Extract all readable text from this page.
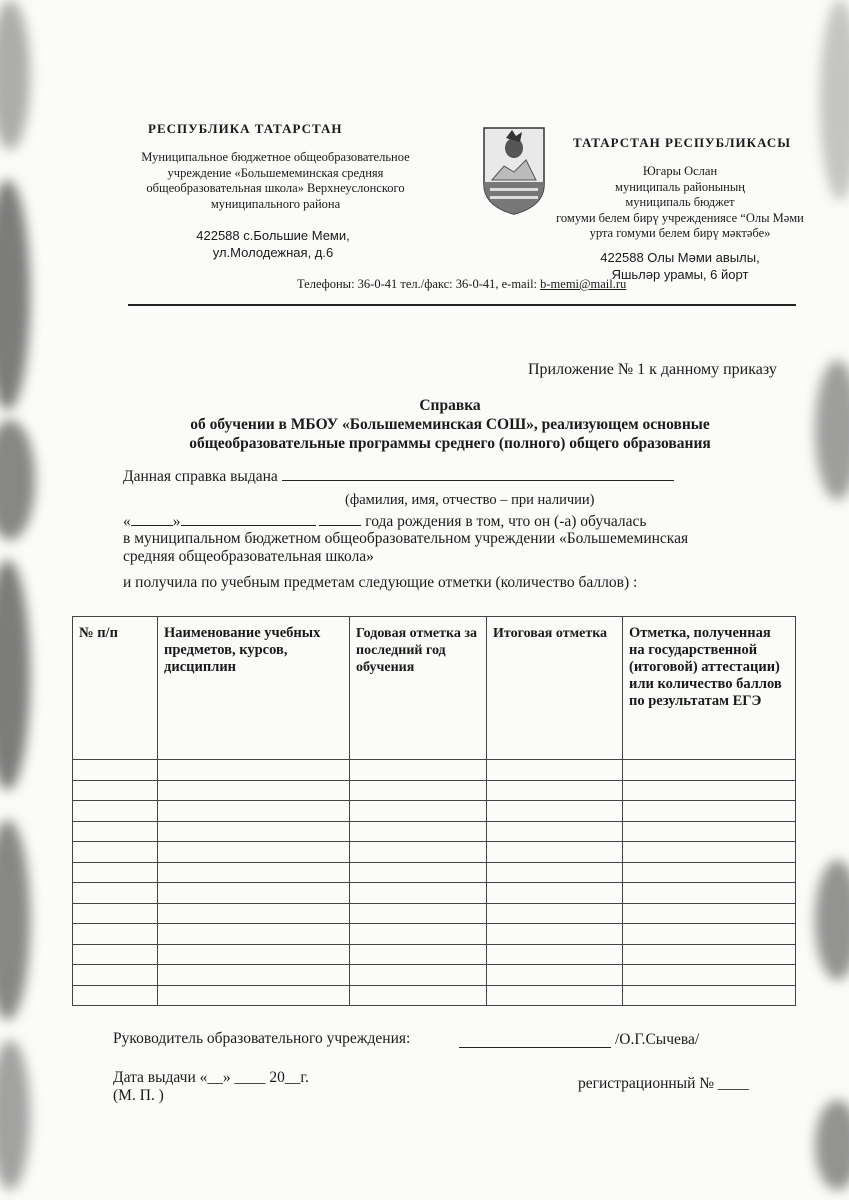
РЕСПУБЛИКА ТАТАРСТАН
Муниципальное бюджетное общеобразовательное
учреждение «Большемеминская средняя
общеобразовательная школа» Верхнеуслонского
муниципального района
422588 с.Большие Меми,
ул.Молодежная, д.6
ТАТАРСТАН РЕСПУБЛИКАСЫ
Югары Ослан
муниципаль районының
муниципаль бюджет
гомуми белем бирү учреждениясе “Олы Мәми
урта гомуми белем бирү мәктәбе»
422588 Олы Мәми авылы,
Яшьләр урамы, 6 йорт
Телефоны: 36-0-41 тел./факс: 36-0-41, e-mail: b-memi@mail.ru
Приложение № 1 к данному приказу
Справка
об обучении в МБОУ «Большемеминская СОШ», реализующем основные
общеобразовательные программы среднего (полного) общего образования
Данная справка выдана
(фамилия, имя, отчество – при наличии)
«	»	года рождения в том, что он (-а) обучалась
в муниципальном бюджетном общеобразовательном учреждении «Большемеминская
средняя общеобразовательная школа»
и получила по учебным предметам следующие отметки (количество баллов) :
№ п/п	Наименование учебных предметов, курсов, дисциплин	Годовая отметка за последний год обучения	Итоговая отметка	Отметка, полученная на государственной (итоговой) аттестации) или количество баллов по результатам ЕГЭ

Руководитель образовательного учреждения:	/О.Г.Сычева/
Дата выдачи «__» ____ 20__г.
(М. П. )
регистрационный № ____
